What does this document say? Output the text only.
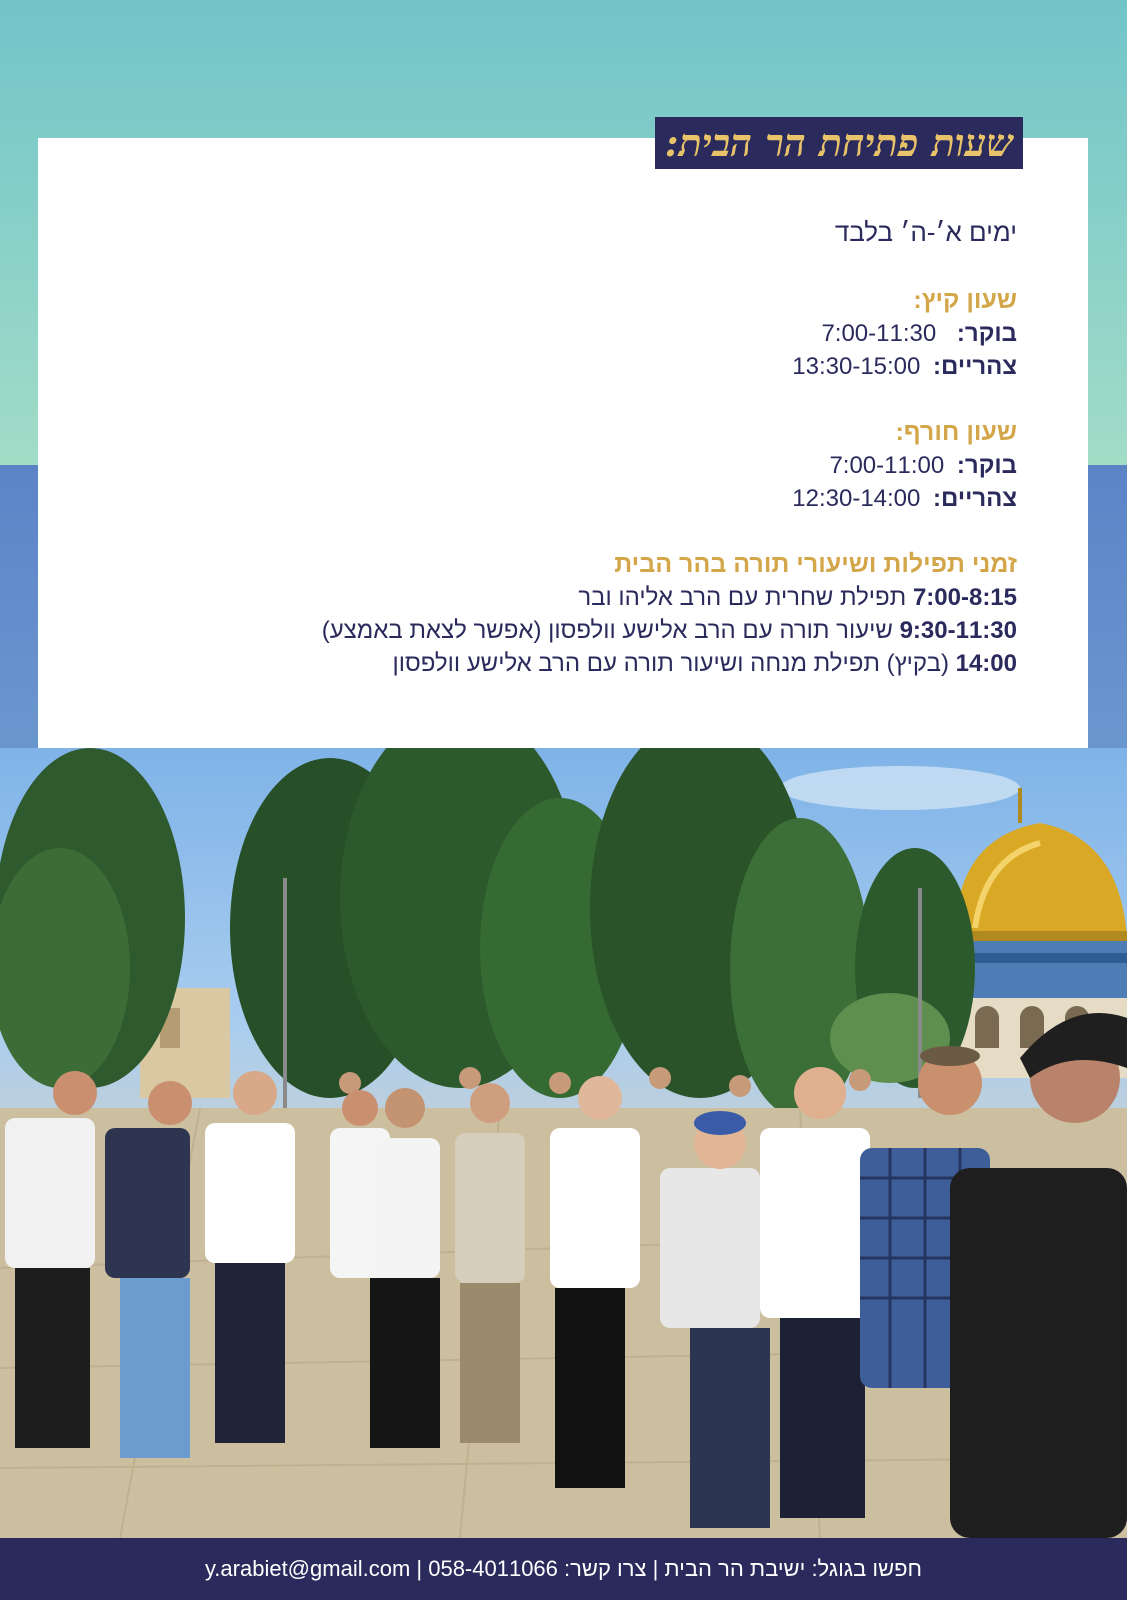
שעות פתיחת הר הבית:
ימים א׳-ה׳ בלבד
שעון קיץ:
בוקר: 7:00-11:30
צהריים: 13:30-15:00
שעון חורף:
בוקר: 7:00-11:00
צהריים: 12:30-14:00
זמני תפילות ושיעורי תורה בהר הבית
7:00-8:15 תפילת שחרית עם הרב אליהו ובר
9:30-11:30 שיעור תורה עם הרב אלישע וולפסון (אפשר לצאת באמצע)
14:00 (בקיץ) תפילת מנחה ושיעור תורה עם הרב אלישע וולפסון
חפשו בגוגל: ישיבת הר הבית | צרו קשר: 058-4011066 | y.arabiet@gmail.com
